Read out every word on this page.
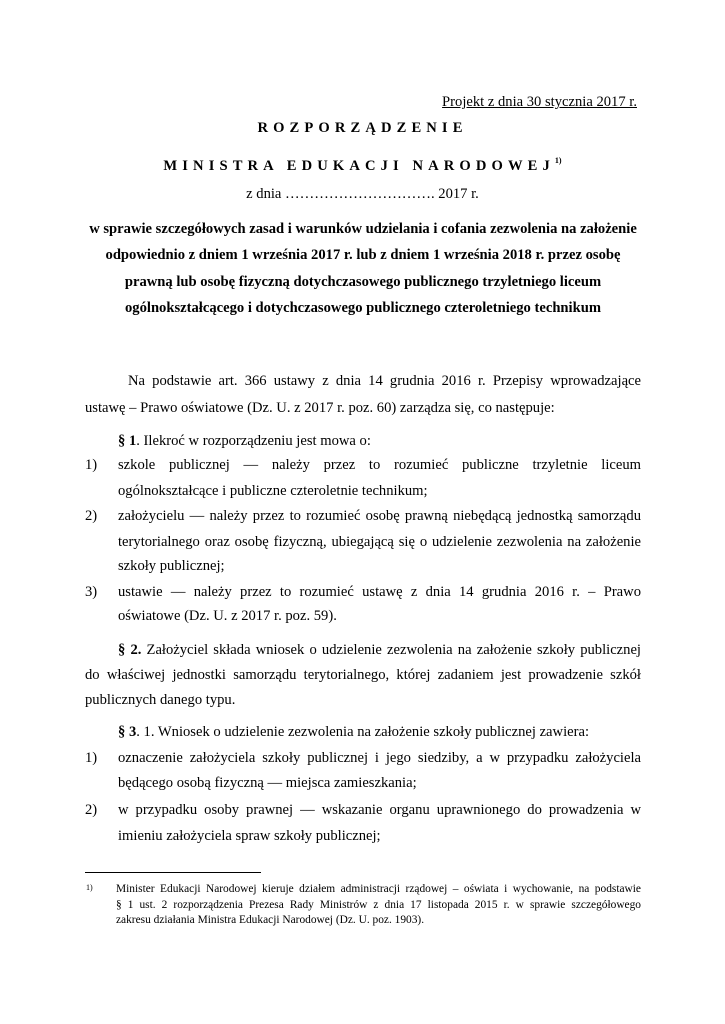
Projekt z dnia 30 stycznia 2017 r.
ROZPORZĄDZENIE
MINISTRA EDUKACJI NARODOWEJ$^{1)}$
z dnia …………………………. 2017 r.
w sprawie szczegółowych zasad i warunków udzielania i cofania zezwolenia na założenie
odpowiednio z dniem 1 września 2017 r. lub z dniem 1 września 2018 r. przez osobę
prawną lub osobę fizyczną dotychczasowego publicznego trzyletniego liceum
ogólnokształcącego i dotychczasowego publicznego czteroletniego technikum
Na podstawie art. 366 ustawy z dnia 14 grudnia 2016 r. Przepisy wprowadzające
ustawę – Prawo oświatowe (Dz. U. z 2017 r. poz. 60) zarządza się, co następuje:
§ 1. Ilekroć w rozporządzeniu jest mowa o:
1) szkole publicznej — należy przez to rozumieć publiczne trzyletnie liceum
ogólnokształcące i publiczne czteroletnie technikum;
2) założycielu — należy przez to rozumieć osobę prawną niebędącą jednostką samorządu
terytorialnego oraz osobę fizyczną, ubiegającą się o udzielenie zezwolenia na założenie
szkoły publicznej;
3) ustawie — należy przez to rozumieć ustawę z dnia 14 grudnia 2016 r. – Prawo
oświatowe (Dz. U. z 2017 r. poz. 59).
§ 2. Założyciel składa wniosek o udzielenie zezwolenia na założenie szkoły publicznej
do właściwej jednostki samorządu terytorialnego, której zadaniem jest prowadzenie szkół
publicznych danego typu.
§ 3. 1. Wniosek o udzielenie zezwolenia na założenie szkoły publicznej zawiera:
1) oznaczenie założyciela szkoły publicznej i jego siedziby, a w przypadku założyciela
będącego osobą fizyczną — miejsca zamieszkania;
2) w przypadku osoby prawnej — wskazanie organu uprawnionego do prowadzenia w
imieniu założyciela spraw szkoły publicznej;
1) Minister Edukacji Narodowej kieruje działem administracji rządowej – oświata i wychowanie, na podstawie
§ 1 ust. 2 rozporządzenia Prezesa Rady Ministrów z dnia 17 listopada 2015 r. w sprawie szczegółowego
zakresu działania Ministra Edukacji Narodowej (Dz. U. poz. 1903).
